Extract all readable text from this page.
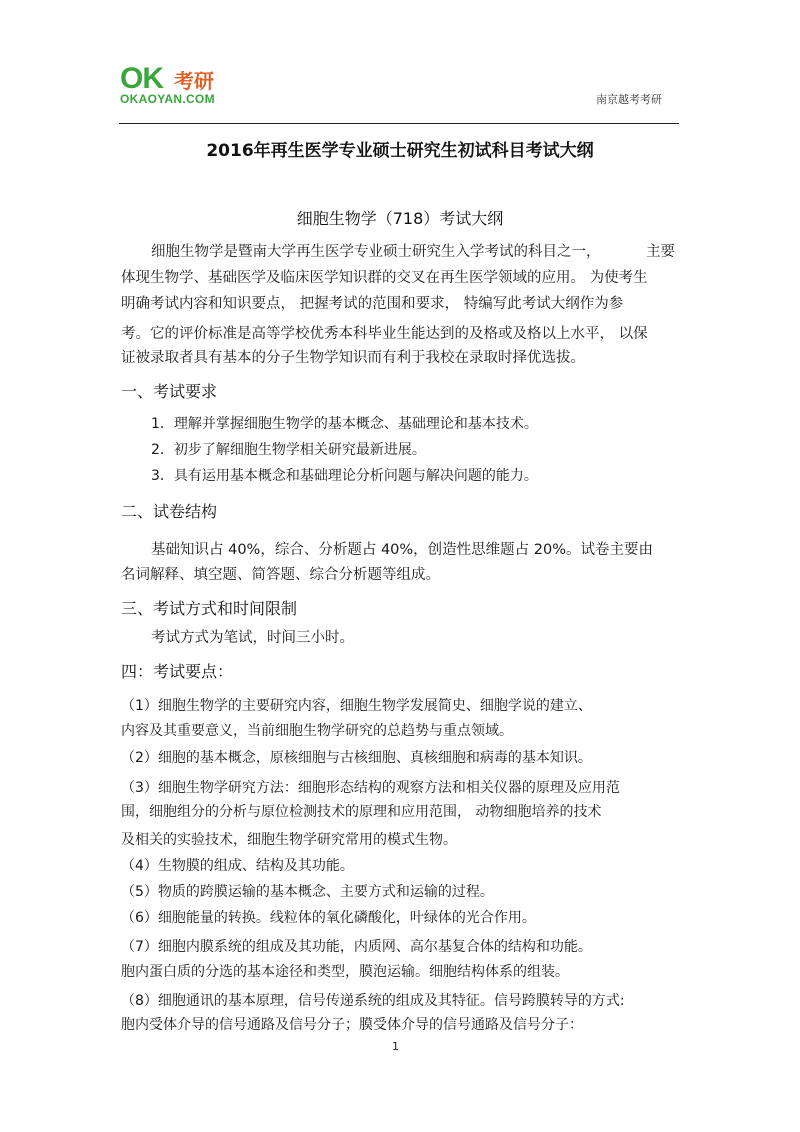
OK 考研
OKAOYAN.COM	南京越考考研
2016年再生医学专业硕士研究生初试科目考试大纲
细胞生物学（718）考试大纲
细胞生物学是暨南大学再生医学专业硕士研究生入学考试的科目之一，	主要
体现生物学、基础医学及临床医学知识群的交叉在再生医学领域的应用。 为使考生
明确考试内容和知识要点， 把握考试的范围和要求， 特编写此考试大纲作为参
考。它的评价标准是高等学校优秀本科毕业生能达到的及格或及格以上水平， 以保
证被录取者具有基本的分子生物学知识而有利于我校在录取时择优选拔。
一、考试要求
1．理解并掌握细胞生物学的基本概念、基础理论和基本技术。
2．初步了解细胞生物学相关研究最新进展。
3．具有运用基本概念和基础理论分析问题与解决问题的能力。
二、试卷结构
基础知识占 40%，综合、分析题占 40%，创造性思维题占 20%。试卷主要由
名词解释、填空题、简答题、综合分析题等组成。
三、考试方式和时间限制
考试方式为笔试，时间三小时。
四：考试要点：
（1）细胞生物学的主要研究内容，细胞生物学发展简史、细胞学说的建立、
内容及其重要意义，当前细胞生物学研究的总趋势与重点领域。
（2）细胞的基本概念，原核细胞与古核细胞、真核细胞和病毒的基本知识。
（3）细胞生物学研究方法：细胞形态结构的观察方法和相关仪器的原理及应用范
围，细胞组分的分析与原位检测技术的原理和应用范围， 动物细胞培养的技术
及相关的实验技术，细胞生物学研究常用的模式生物。
（4）生物膜的组成、结构及其功能。
（5）物质的跨膜运输的基本概念、主要方式和运输的过程。
（6）细胞能量的转换。线粒体的氧化磷酸化，叶绿体的光合作用。
（7）细胞内膜系统的组成及其功能，内质网、高尔基复合体的结构和功能。
胞内蛋白质的分选的基本途径和类型，膜泡运输。细胞结构体系的组装。
（8）细胞通讯的基本原理，信号传递系统的组成及其特征。信号跨膜转导的方式:
胞内受体介导的信号通路及信号分子；膜受体介导的信号通路及信号分子：
1
